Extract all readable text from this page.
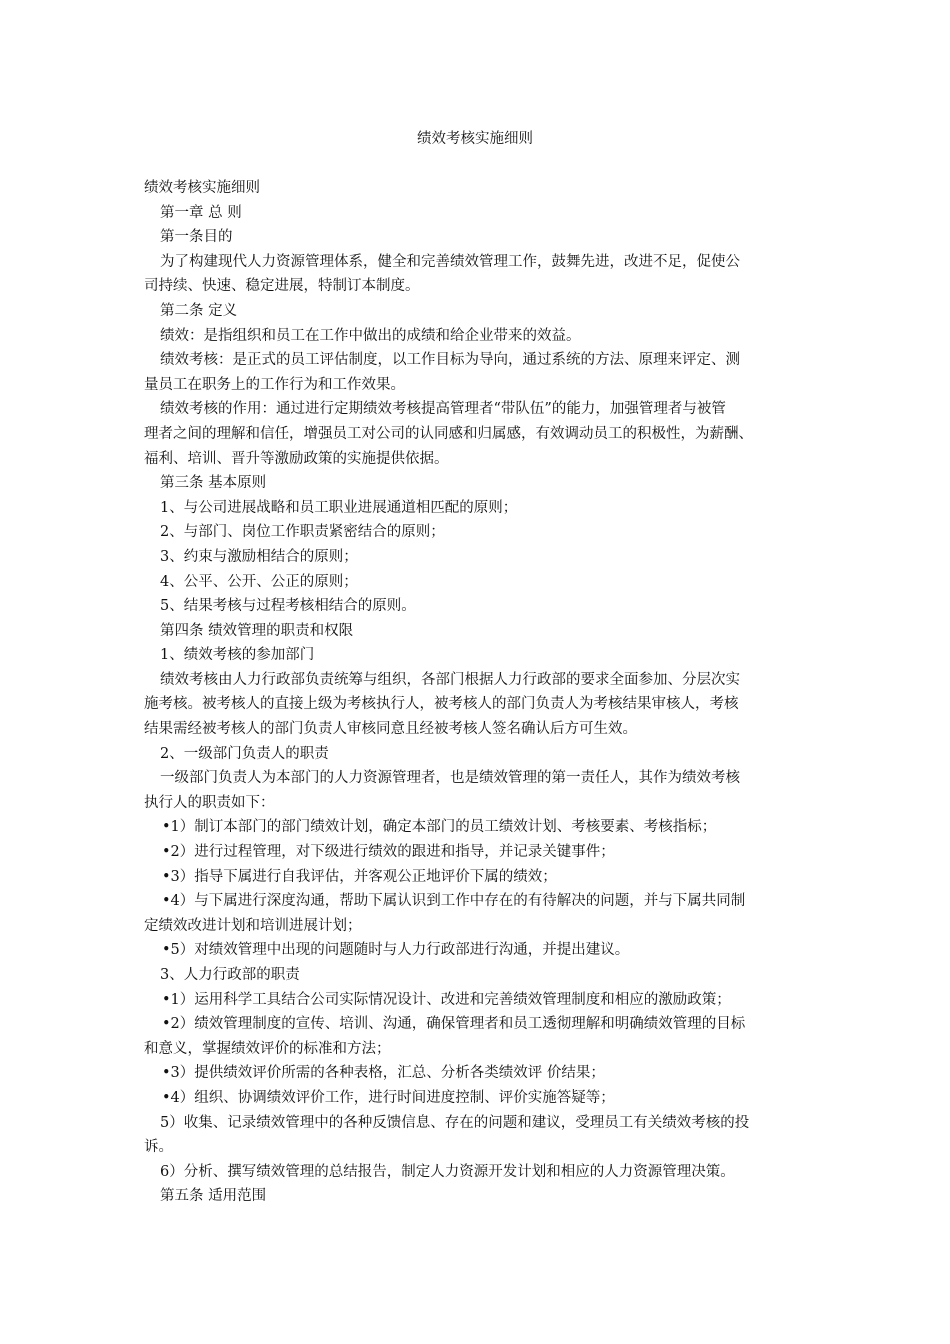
绩效考核实施细则

绩效考核实施细则

第一章 总 则

第一条目的

为了构建现代人力资源管理体系，健全和完善绩效管理工作，鼓舞先进，改进不足，促使公

司持续、快速、稳定进展，特制订本制度。

第二条 定义

绩效：是指组织和员工在工作中做出的成绩和给企业带来的效益。

绩效考核：是正式的员工评估制度，以工作目标为导向，通过系统的方法、原理来评定、测

量员工在职务上的工作行为和工作效果。

绩效考核的作用：通过进行定期绩效考核提高管理者“带队伍”的能力，加强管理者与被管

理者之间的理解和信任，增强员工对公司的认同感和归属感，有效调动员工的积极性，为薪酬、

福利、培训、晋升等激励政策的实施提供依据。

第三条 基本原则

1、与公司进展战略和员工职业进展通道相匹配的原则；

2、与部门、岗位工作职责紧密结合的原则；

3、约束与激励相结合的原则；

4、公平、公开、公正的原则；

5、结果考核与过程考核相结合的原则。

第四条 绩效管理的职责和权限

1、绩效考核的参加部门

绩效考核由人力行政部负责统筹与组织，各部门根据人力行政部的要求全面参加、分层次实

施考核。被考核人的直接上级为考核执行人，被考核人的部门负责人为考核结果审核人，考核

结果需经被考核人的部门负责人审核同意且经被考核人签名确认后方可生效。

2、一级部门负责人的职责

一级部门负责人为本部门的人力资源管理者，也是绩效管理的第一责任人，其作为绩效考核

执行人的职责如下：

•1）制订本部门的部门绩效计划，确定本部门的员工绩效计划、考核要素、考核指标；

•2）进行过程管理，对下级进行绩效的跟进和指导，并记录关键事件；

•3）指导下属进行自我评估，并客观公正地评价下属的绩效；

•4）与下属进行深度沟通，帮助下属认识到工作中存在的有待解决的问题，并与下属共同制

定绩效改进计划和培训进展计划；

•5）对绩效管理中出现的问题随时与人力行政部进行沟通，并提出建议。

3、人力行政部的职责

•1）运用科学工具结合公司实际情况设计、改进和完善绩效管理制度和相应的激励政策；

•2）绩效管理制度的宣传、培训、沟通，确保管理者和员工透彻理解和明确绩效管理的目标

和意义，掌握绩效评价的标准和方法；

•3）提供绩效评价所需的各种表格，汇总、分析各类绩效评 价结果；

•4）组织、协调绩效评价工作，进行时间进度控制、评价实施答疑等；

5）收集、记录绩效管理中的各种反馈信息、存在的问题和建议，受理员工有关绩效考核的投

诉。

6）分析、撰写绩效管理的总结报告，制定人力资源开发计划和相应的人力资源管理决策。

第五条 适用范围
